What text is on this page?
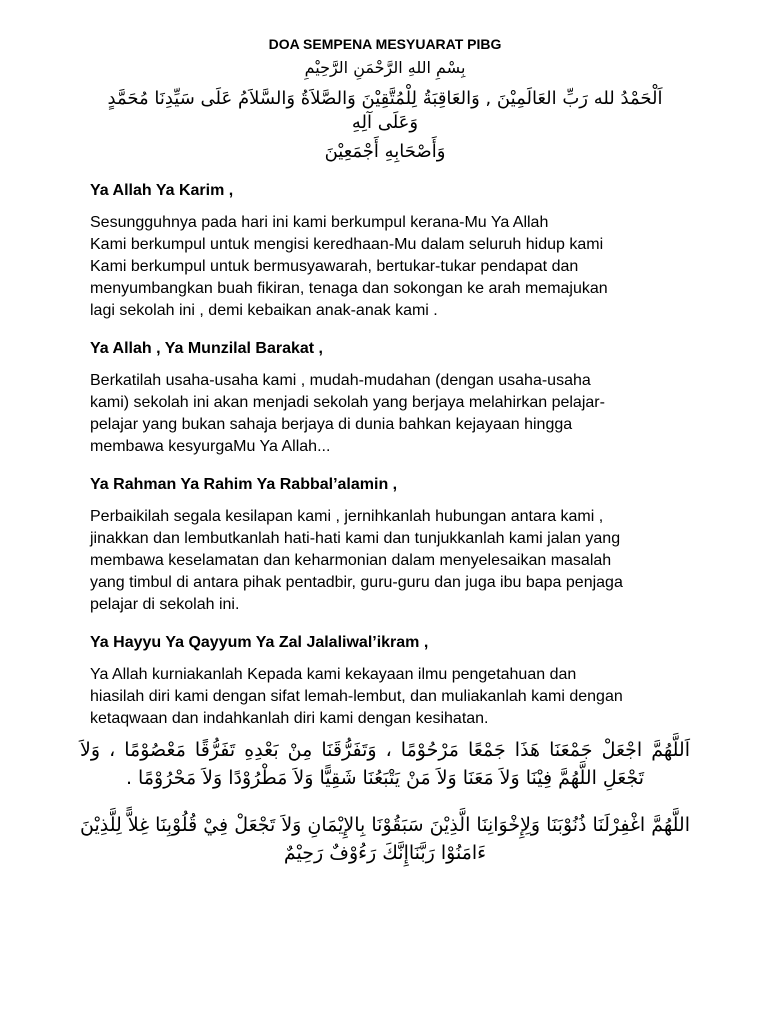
DOA SEMPENA MESYUARAT PIBG
بِسْمِ اللهِ الرَّحْمَنِ الرَّحِيْمِ
اَلْحَمْدُ لله رَبِّ العَالَمِيْنَ , وَالعَاقِبَةُ لِلْمُتَّقِيْنَ وَالصَّلاَةُ وَالسَّلاَمُ عَلَى سَيِّدِنَا مُحَمَّدٍ وَعَلَى آلِهِ
وَأَصْحَابِهِ أَجْمَعِيْنَ
Ya Allah Ya Karim ,
Sesungguhnya pada hari ini kami berkumpul kerana-Mu Ya Allah
Kami berkumpul untuk mengisi keredhaan-Mu dalam seluruh hidup kami
Kami berkumpul untuk bermusyawarah, bertukar-tukar pendapat dan
menyumbangkan buah fikiran, tenaga dan sokongan ke arah memajukan
lagi sekolah ini , demi kebaikan anak-anak kami .
Ya Allah , Ya Munzilal Barakat ,
Berkatilah usaha-usaha kami , mudah-mudahan (dengan usaha-usaha
kami) sekolah ini akan menjadi sekolah yang berjaya melahirkan pelajar-
pelajar yang bukan sahaja berjaya di dunia bahkan kejayaan hingga
membawa kesyurgaMu Ya Allah...
Ya Rahman Ya Rahim Ya Rabbal’alamin ,
Perbaikilah segala kesilapan kami , jernihkanlah hubungan antara kami ,
jinakkan dan lembutkanlah hati-hati kami dan tunjukkanlah kami jalan yang
membawa keselamatan dan keharmonian dalam menyelesaikan masalah
yang timbul di antara pihak pentadbir, guru-guru dan juga ibu bapa penjaga
pelajar di sekolah ini.
Ya Hayyu Ya Qayyum Ya Zal Jalaliwal’ikram ,
Ya Allah kurniakanlah Kepada kami kekayaan ilmu pengetahuan dan
hiasilah diri kami dengan sifat lemah-lembut, dan muliakanlah kami dengan
ketaqwaan dan indahkanlah diri kami dengan kesihatan.
اَللَّهُمَّ اجْعَلْ جَمْعَنَا هَذَا جَمْعًا مَرْحُوْمًا ، وَتَفَرُّقَنَا مِنْ بَعْدِهِ تَفَرُّقًا مَعْصُوْمًا ، وَلاَ تَجْعَلِ اللَّهُمَّ فِيْنَا وَلاَ مَعَنَا وَلاَ مَنْ يَتْبَعُنَا شَقِيًّا وَلاَ مَطْرُوْدًا وَلاَ مَحْرُوْمًا .
اللَّهُمَّ اغْفِرْلَنَا ذُنُوْبَنَا وَلِإِخْوَانِنَا الَّذِيْنَ سَبَقُوْنَا بِالإِيْمَانِ وَلاَ تَجْعَلْ فِيْ قُلُوْبِنَا غِلاًّ لِلَّذِيْنَ ءَامَنُوْا رَبَّنَاإِنَّكَ رَءُوْفٌ رَحِيْمٌ
